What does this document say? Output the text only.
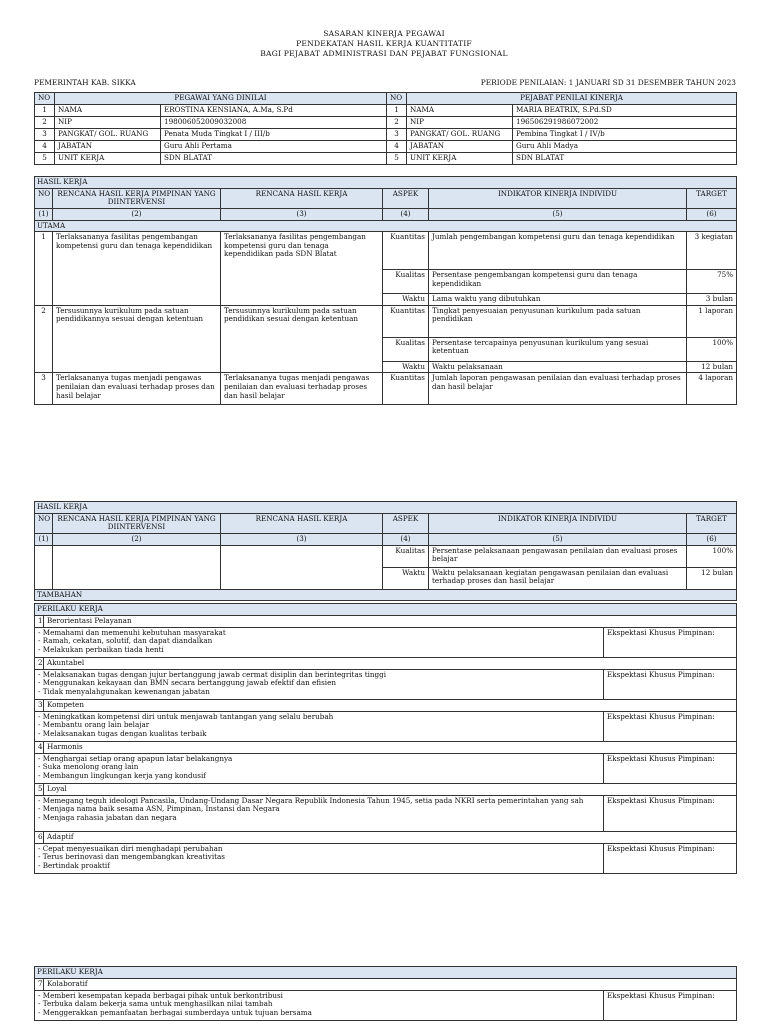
SASARAN KINERJA PEGAWAI
PENDEKATAN HASIL KERJA KUANTITATIF
BAGI PEJABAT ADMINISTRASI DAN PEJABAT FUNGSIONAL
PEMERINTAH KAB. SIKKA	PERIODE PENILAIAN: 1 JANUARI SD 31 DESEMBER TAHUN 2023
NO	PEGAWAI YANG DINILAI		NO	PEJABAT PENILAI KINERJA	
1	NAMA	EROSTINA KENSIANA, A.Ma, S.Pd	1	NAMA	MARIA BEATRIX, S.Pd.SD
2	NIP	198006052009032008	2	NIP	196506291986072002
3	PANGKAT/ GOL. RUANG	Penata Muda Tingkat I / III/b	3	PANGKAT/ GOL. RUANG	Pembina Tingkat I / IV/b
4	JABATAN	Guru Ahli Pertama	4	JABATAN	Guru Ahli Madya
5	UNIT KERJA	SDN BLATAT	5	UNIT KERJA	SDN BLATAT
HASIL KERJA					
NO	RENCANA HASIL KERJA PIMPINAN YANG DIINTERVENSI	RENCANA HASIL KERJA	ASPEK	INDIKATOR KINERJA INDIVIDU	TARGET
(1)	(2)	(3)	(4)	(5)	(6)
UTAMA					
1	Terlaksananya fasilitas pengembangan kompetensi guru dan tenaga kependidikan	Terlaksananya fasilitas pengembangan kompetensi guru dan tenaga kependidikan pada SDN Blatat	Kuantitas	Jumlah pengembangan kompetensi guru dan tenaga kependidikan	3 kegiatan
			Kualitas	Persentase pengembangan kompetensi guru dan tenaga kependidikan	75%
			Waktu	Lama waktu yang dibutuhkan	3 bulan
2	Tersusunnya kurikulum pada satuan pendidikannya sesuai dengan ketentuan	Tersusunnya kurikulum pada satuan pendidikan sesuai dengan ketentuan	Kuantitas	Tingkat penyesuaian penyusunan kurikulum pada satuan pendidikan	1 laporan
			Kualitas	Persentase tercapainya penyusunan kurikulum yang sesuai ketentuan	100%
			Waktu	Waktu pelaksanaan	12 bulan
3	Terlaksananya tugas menjadi pengawas penilaian dan evaluasi terhadap proses dan hasil belajar	Terlaksananya tugas menjadi pengawas penilaian dan evaluasi terhadap proses dan hasil belajar	Kuantitas	Jumlah laporan pengawasan penilaian dan evaluasi terhadap proses dan hasil belajar	4 laporan
HASIL KERJA					
NO	RENCANA HASIL KERJA PIMPINAN YANG DIINTERVENSI	RENCANA HASIL KERJA	ASPEK	INDIKATOR KINERJA INDIVIDU	TARGET
(1)	(2)	(3)	(4)	(5)	(6)
			Kualitas	Persentase pelaksanaan pengawasan penilaian dan evaluasi proses belajar	100%
			Waktu	Waktu pelaksanaan kegiatan pengawasan penilaian dan evaluasi terhadap proses dan hasil belajar	12 bulan
TAMBAHAN					
PERILAKU KERJA		
1	Berorientasi Pelayanan	

- Memahami dan memenuhi kebutuhan masyarakat
- Ramah, cekatan, solutif, dan dapat diandalkan
- Melakukan perbaikan tiada henti		Ekspektasi Khusus Pimpinan:
2	Akuntabel	

- Melaksanakan tugas dengan jujur bertanggung jawab cermat disiplin dan berintegritas tinggi
- Menggunakan kekayaan dan BMN secara bertanggung jawab efektif dan efisien
- Tidak menyalahgunakan kewenangan jabatan		Ekspektasi Khusus Pimpinan:
3	Kompeten	

- Meningkatkan kompetensi diri untuk menjawab tantangan yang selalu berubah
- Membantu orang lain belajar
- Melaksanakan tugas dengan kualitas terbaik		Ekspektasi Khusus Pimpinan:
4	Harmonis	

- Menghargai setiap orang apapun latar belakangnya
- Suka menolong orang lain
- Membangun lingkungan kerja yang kondusif		Ekspektasi Khusus Pimpinan:
5	Loyal	

- Memegang teguh ideologi Pancasila, Undang-Undang Dasar Negara Republik Indonesia Tahun 1945, setia pada NKRI serta pemerintahan yang sah
- Menjaga nama baik sesama ASN, Pimpinan, Instansi dan Negara
- Menjaga rahasia jabatan dan negara		Ekspektasi Khusus Pimpinan:
6	Adaptif	

- Cepat menyesuaikan diri menghadapi perubahan
- Terus berinovasi dan mengembangkan kreativitas
- Bertindak proaktif		Ekspektasi Khusus Pimpinan:
PERILAKU KERJA		
7	Kolaboratif	

- Memberi kesempatan kepada berbagai pihak untuk berkontribusi
- Terbuka dalam bekerja sama untuk menghasilkan nilai tambah
- Menggerakkan pemanfaatan berbagai sumberdaya untuk tujuan bersama		Ekspektasi Khusus Pimpinan:
